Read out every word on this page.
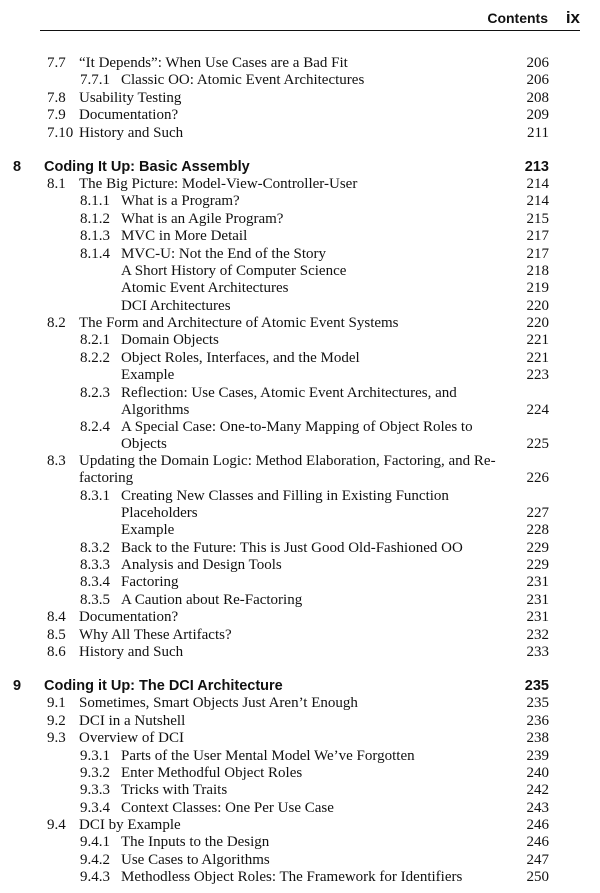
Contents ix
7.7 “It Depends”: When Use Cases are a Bad Fit	206
7.7.1 Classic OO: Atomic Event Architectures	206
7.8 Usability Testing	208
7.9 Documentation?	209
7.10 History and Such	211
8 Coding It Up: Basic Assembly	213
8.1 The Big Picture: Model-View-Controller-User	214
8.1.1 What is a Program?	214
8.1.2 What is an Agile Program?	215
8.1.3 MVC in More Detail	217
8.1.4 MVC-U: Not the End of the Story	217
A Short History of Computer Science	218
Atomic Event Architectures	219
DCI Architectures	220
8.2 The Form and Architecture of Atomic Event Systems	220
8.2.1 Domain Objects	221
8.2.2 Object Roles, Interfaces, and the Model	221
Example	223
8.2.3 Reflection: Use Cases, Atomic Event Architectures, and Algorithms	224
8.2.4 A Special Case: One-to-Many Mapping of Object Roles to Objects	225
8.3 Updating the Domain Logic: Method Elaboration, Factoring, and Re-factoring	226
8.3.1 Creating New Classes and Filling in Existing Function Placeholders	227
Example	228
8.3.2 Back to the Future: This is Just Good Old-Fashioned OO	229
8.3.3 Analysis and Design Tools	229
8.3.4 Factoring	231
8.3.5 A Caution about Re-Factoring	231
8.4 Documentation?	231
8.5 Why All These Artifacts?	232
8.6 History and Such	233
9 Coding it Up: The DCI Architecture	235
9.1 Sometimes, Smart Objects Just Aren’t Enough	235
9.2 DCI in a Nutshell	236
9.3 Overview of DCI	238
9.3.1 Parts of the User Mental Model We’ve Forgotten	239
9.3.2 Enter Methodful Object Roles	240
9.3.3 Tricks with Traits	242
9.3.4 Context Classes: One Per Use Case	243
9.4 DCI by Example	246
9.4.1 The Inputs to the Design	246
9.4.2 Use Cases to Algorithms	247
9.4.3 Methodless Object Roles: The Framework for Identifiers	250
